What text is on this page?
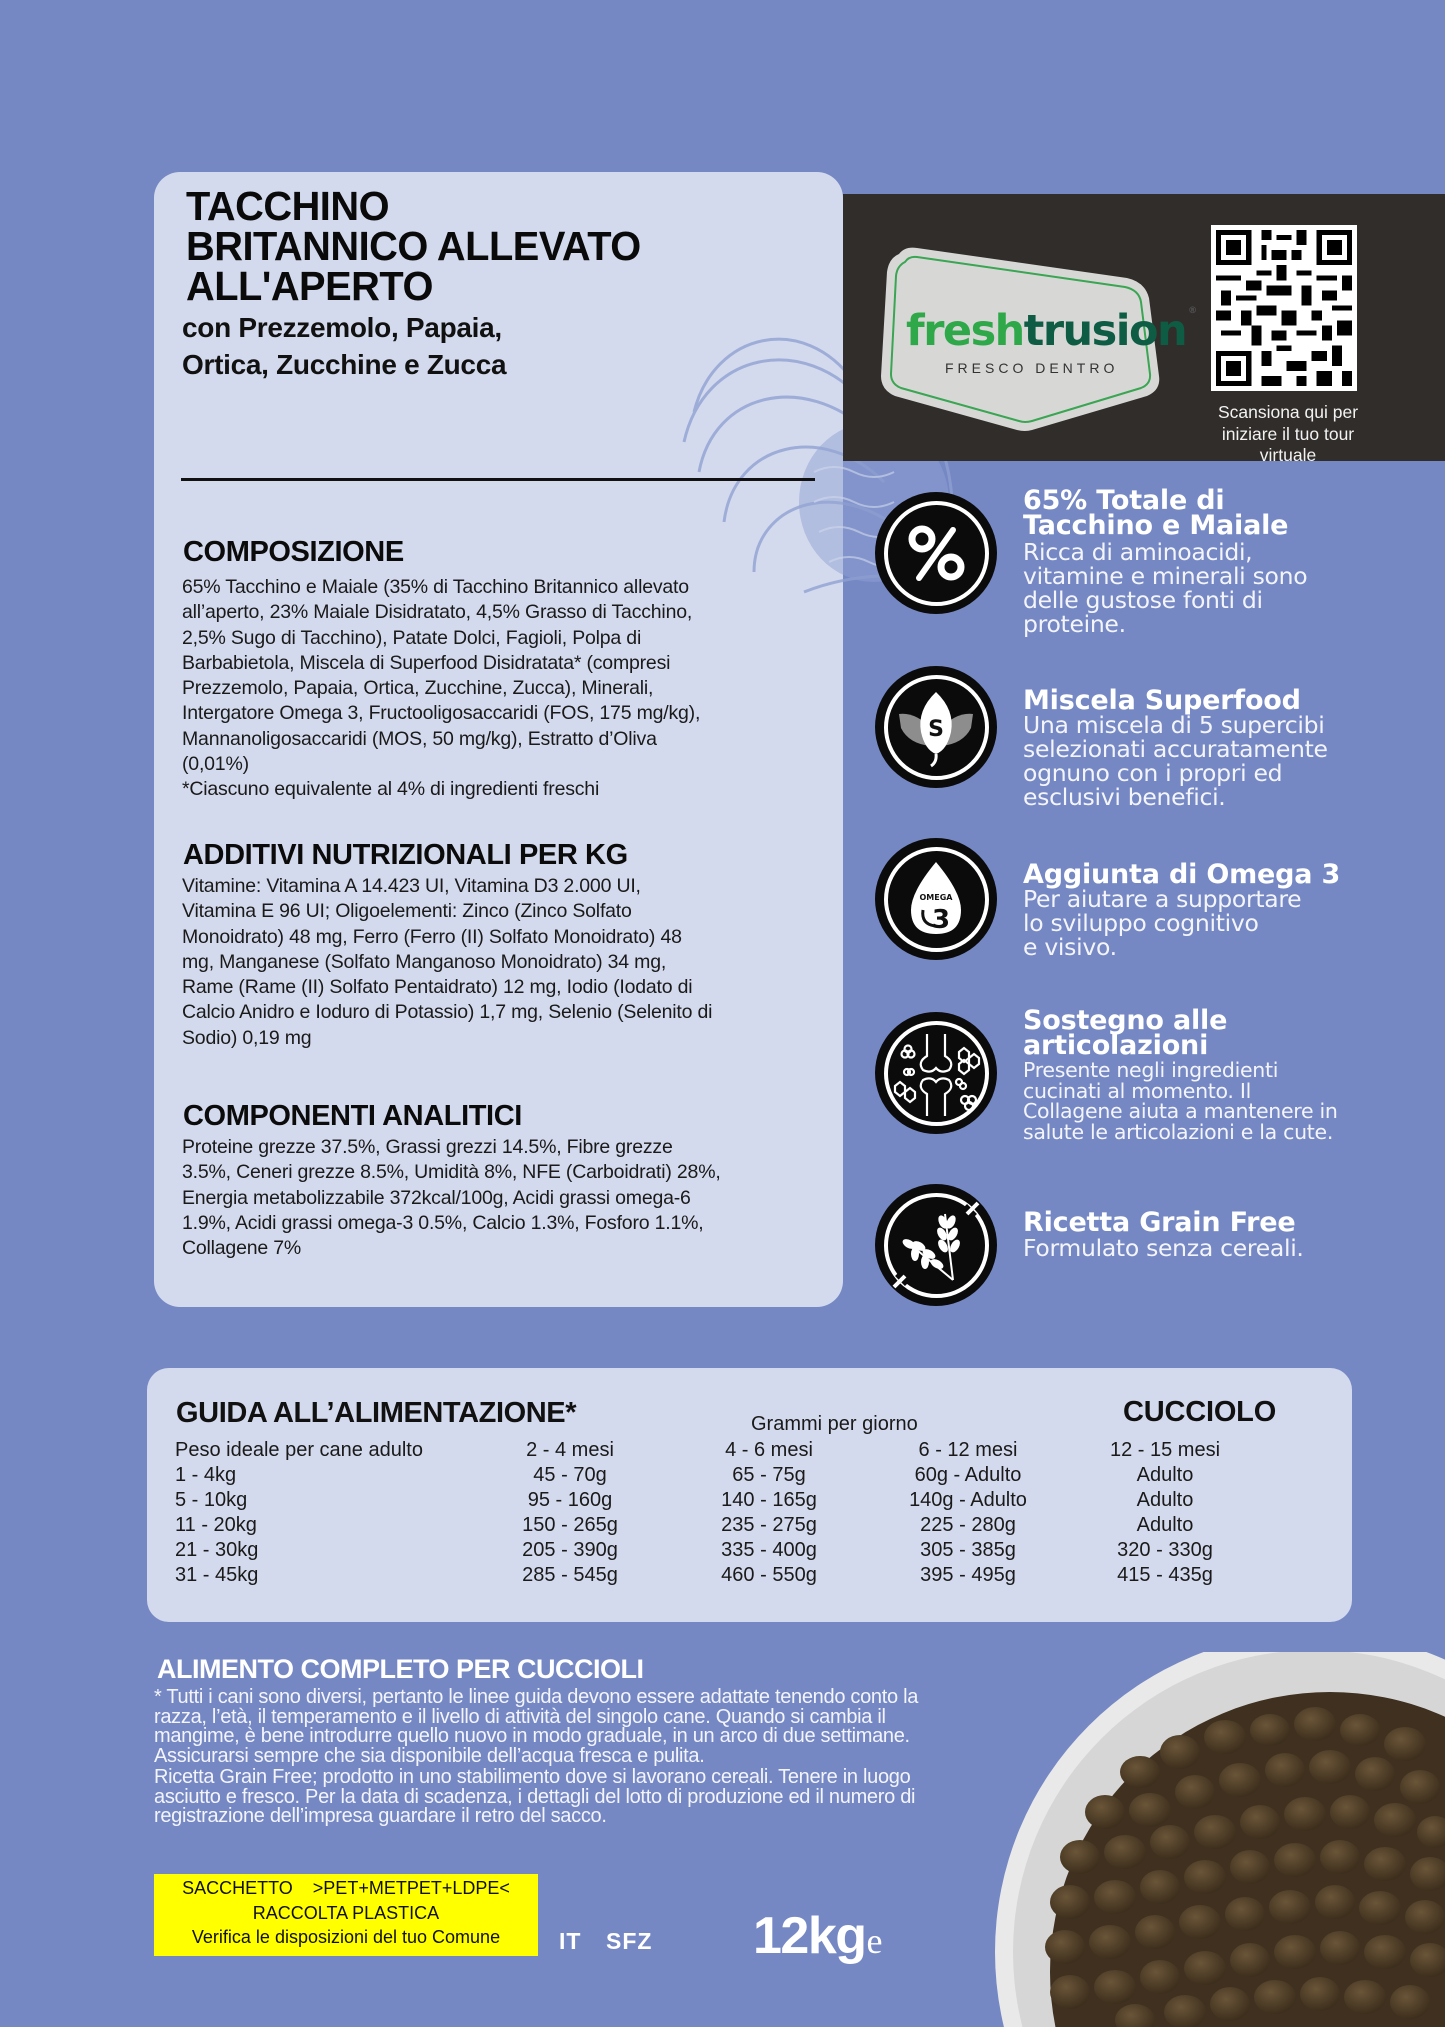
TACCHINO
BRITANNICO ALLEVATO
ALL'APERTO
con Prezzemolo, Papaia,
Ortica, Zucchine e Zucca
COMPOSIZIONE
65% Tacchino e Maiale (35% di Tacchino Britannico allevato
all’aperto, 23% Maiale Disidratato, 4,5% Grasso di Tacchino,
2,5% Sugo di Tacchino), Patate Dolci, Fagioli, Polpa di
Barbabietola, Miscela di Superfood Disidratata* (compresi
Prezzemolo, Papaia, Ortica, Zucchine, Zucca), Minerali,
Intergatore Omega 3, Fructooligosaccaridi (FOS, 175 mg/kg),
Mannanoligosaccaridi (MOS, 50 mg/kg), Estratto d’Oliva
(0,01%)
*Ciascuno equivalente al 4% di ingredienti freschi
ADDITIVI NUTRIZIONALI PER KG
Vitamine: Vitamina A 14.423 UI, Vitamina D3 2.000 UI,
Vitamina E 96 UI; Oligoelementi: Zinco (Zinco Solfato
Monoidrato) 48 mg, Ferro (Ferro (II) Solfato Monoidrato) 48
mg, Manganese (Solfato Manganoso Monoidrato) 34 mg,
Rame (Rame (II) Solfato Pentaidrato) 12 mg, Iodio (Iodato di
Calcio Anidro e Ioduro di Potassio) 1,7 mg, Selenio (Selenito di
Sodio) 0,19 mg
COMPONENTI ANALITICI
Proteine grezze 37.5%, Grassi grezzi 14.5%, Fibre grezze
3.5%, Ceneri grezze 8.5%, Umidità 8%, NFE (Carboidrati) 28%,
Energia metabolizzabile 372kcal/100g, Acidi grassi omega-6
1.9%, Acidi grassi omega-3 0.5%, Calcio 1.3%, Fosforo 1.1%,
Collagene 7%
freshtrusion ®
FRESCO DENTRO
Scansiona qui per
iniziare il tuo tour
virtuale
65% Totale di
Tacchino e Maiale
Ricca di aminoacidi,
vitamine e minerali sono
delle gustose fonti di
proteine.
S
Miscela Superfood
Una miscela di 5 supercibi
selezionati accuratamente
ognuno con i propri ed
esclusivi benefici.
OMEGA
3
Aggiunta di Omega 3
Per aiutare a supportare
lo sviluppo cognitivo
e visivo.
Sostegno alle
articolazioni
Presente negli ingredienti
cucinati al momento. Il
Collagene aiuta a mantenere in
salute le articolazioni e la cute.
Ricetta Grain Free
Formulato senza cereali.
GUIDA ALL’ALIMENTAZIONE*	Grammi per giorno	CUCCIOLO
Peso ideale per cane adulto	2 - 4 mesi	4 - 6 mesi	6 - 12 mesi	12 - 15 mesi
1 - 4kg	45 - 70g	65 - 75g	60g - Adulto	Adulto
5 - 10kg	95 - 160g	140 - 165g	140g - Adulto	Adulto
11 - 20kg	150 - 265g	235 - 275g	225 - 280g	Adulto
21 - 30kg	205 - 390g	335 - 400g	305 - 385g	320 - 330g
31 - 45kg	285 - 545g	460 - 550g	395 - 495g	415 - 435g
ALIMENTO COMPLETO PER CUCCIOLI

* Tutti i cani sono diversi, pertanto le linee guida devono essere adattate tenendo conto la razza, l’età, il temperamento e il livello di attività del singolo cane. Quando si cambia il mangime, è bene introdurre quello nuovo in modo graduale, in un arco di due settimane. Assicurarsi sempre che sia disponibile dell’acqua fresca e pulita.

Ricetta Grain Free; prodotto in uno stabilimento dove si lavorano cereali. Tenere in luogo asciutto e fresco. Per la data di scadenza, i dettagli del lotto di produzione ed il numero di registrazione dell’impresa guardare il retro del sacco.

SACCHETTO    >PET+METPET+LDPE<
RACCOLTA PLASTICA
Verifica le disposizioni del tuo Comune	IT SFZ 12kge
